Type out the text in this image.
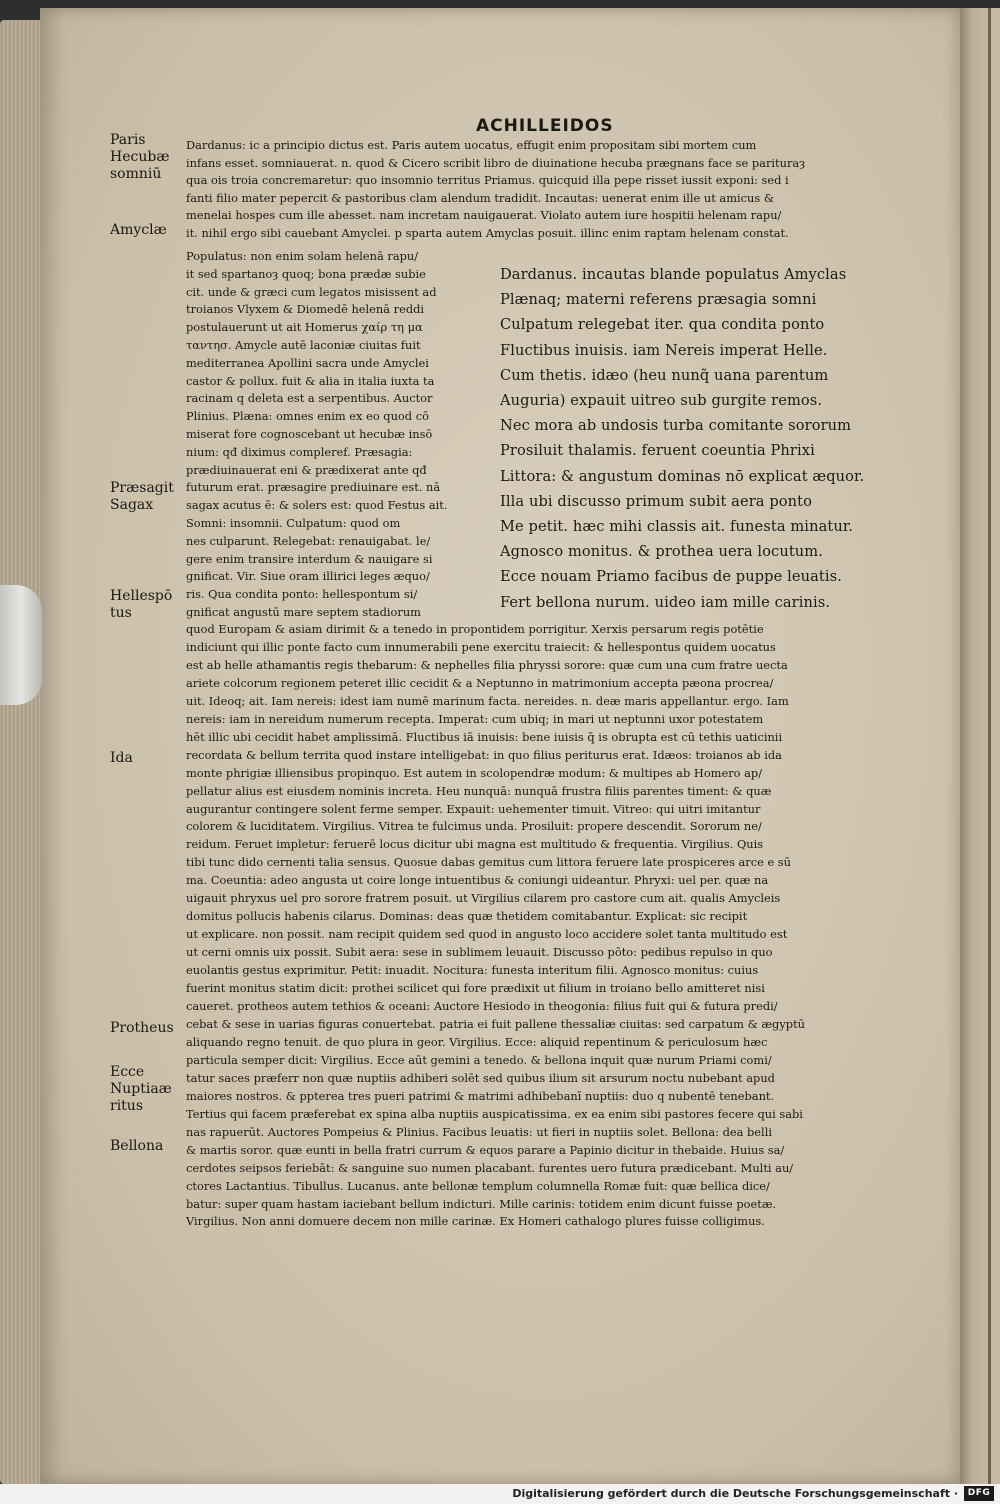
ACHILLEIDOS
Paris
Hecubæ
somniū
Amyclæ
Præsagit
Sagax
Hellespō
tus
Ida
Protheus
Ecce
Nuptiaæ
ritus
Bellona
Dardanus: ic a principio dictus est. Paris autem uocatus, effugit enim propositam sibi mortem cum
infans esset. somniauerat. n. quod & Cicero scribit libro de diuinatione hecuba prægnans face se parituraȝ
qua ois troia concremaretur: quo insomnio territus Priamus. quicquid illa pepe risset iussit exponi: sed i
fanti filio mater pepercit & pastoribus clam alendum tradidit. Incautas: uenerat enim ille ut amicus &
menelai hospes cum ille abesset. nam incretam nauigauerat. Violato autem iure hospitii helenam rapu/
it. nihil ergo sibi cauebant Amyclei. p sparta autem Amyclas posuit. illinc enim raptam helenam constat.
Populatus: non enim solam helenā rapu/
it sed spartanoȝ quoq; bona prædæ subie
cit. unde & græci cum legatos misissent ad
troianos Vlyxem & Diomedē helenā reddi
postulauerunt ut ait Homerus χαίρ τη μα
ταντησ. Amycle autē laconiæ ciuitas fuit
mediterranea Apollini sacra unde Amyclei
castor & pollux. fuit & alia in italia iuxta ta
racinam q deleta est a serpentibus. Auctor
Plinius. Plæna: omnes enim ex eo quod cō
miserat fore cognoscebant ut hecubæ insō
nium: qđ diximus compleref. Præsagia:
prædiuinauerat eni & prædixerat ante qđ
futurum erat. præsagire prediuinare est. nā
sagax acutus ē: & solers est: quod Festus ait.
Somni: insomnii. Culpatum: quod om
nes culparunt. Relegebat: renauigabat. le/
gere enim transire interdum & nauigare si
gnificat. Vir. Siue oram illirici leges æquo/
ris. Qua condita ponto: hellespontum si/
gnificat angustū mare septem stadiorum
Dardanus. incautas blande populatus Amyclas
Plænaq; materni referens præsagia somni
Culpatum relegebat iter. qua condita ponto
Fluctibus inuisis. iam Nereis imperat Helle.
Cum thetis. idæo (heu nunq̃ uana parentum
Auguria) expauit uitreo sub gurgite remos.
Nec mora ab undosis turba comitante sororum
Prosiluit thalamis. feruent coeuntia Phrixi
Littora: & angustum dominas nō explicat æquor.
Illa ubi discusso primum subit aera ponto
Me petit. hæc mihi classis ait. funesta minatur.
Agnosco monitus. & prothea uera locutum.
Ecce nouam Priamo facibus de puppe leuatis.
Fert bellona nurum. uideo iam mille carinis.
quod Europam & asiam dirimit & a tenedo in propontidem porrigitur. Xerxis persarum regis potētie
indiciunt qui illic ponte facto cum innumerabili pene exercitu traiecit: & hellespontus quidem uocatus
est ab helle athamantis regis thebarum: & nephelles filia phryssi sorore: quæ cum una cum fratre uecta
ariete colcorum regionem peteret illic cecidit & a Neptunno in matrimonium accepta pæona procrea/
uit. Ideoq; ait. Iam nereis: idest iam numē marinum facta. nereides. n. deæ maris appellantur. ergo. Iam
nereis: iam in nereidum numerum recepta. Imperat: cum ubiq; in mari ut neptunni uxor potestatem
hēt illic ubi cecidit habet amplissimā. Fluctibus iā inuisis: bene iuisis q̃ is obrupta est cū tethis uaticinii
recordata & bellum territa quod instare intelligebat: in quo filius periturus erat. Idæos: troianos ab ida
monte phrigiæ illiensibus propinquo. Est autem in scolopendræ modum: & multipes ab Homero ap/
pellatur alius est eiusdem nominis increta. Heu nunquā: nunquā frustra filiis parentes timent: & quæ
augurantur contingere solent ferme semper. Expauit: uehementer timuit. Vitreo: qui uitri imitantur
colorem & luciditatem. Virgilius. Vitrea te fulcimus unda. Prosiluit: propere descendit. Sororum ne/
reidum. Feruet impletur: feruerē locus dicitur ubi magna est multitudo & frequentia. Virgilius. Quis
tibi tunc dido cernenti talia sensus. Quosue dabas gemitus cum littora feruere late prospiceres arce e sū
ma. Coeuntia: adeo angusta ut coire longe intuentibus & coniungi uideantur. Phryxi: uel per. quæ na
uigauit phryxus uel pro sorore fratrem posuit. ut Virgilius cilarem pro castore cum ait. qualis Amycleis
domitus pollucis habenis cilarus. Dominas: deas quæ thetidem comitabantur. Explicat: sic recipit
ut explicare. non possit. nam recipit quidem sed quod in angusto loco accidere solet tanta multitudo est
ut cerni omnis uix possit. Subit aera: sese in sublimem leuauit. Discusso pōto: pedibus repulso in quo
euolantis gestus exprimitur. Petit: inuadit. Nocitura: funesta interitum filii. Agnosco monitus: cuius
fuerint monitus statim dicit: prothei scilicet qui fore prædixit ut filium in troiano bello amitteret nisi
caueret. protheos autem tethios & oceani: Auctore Hesiodo in theogonia: filius fuit qui & futura predi/
cebat & sese in uarias figuras conuertebat. patria ei fuit pallene thessaliæ ciuitas: sed carpatum & ægyptū
aliquando regno tenuit. de quo plura in geor. Virgilius. Ecce: aliquid repentinum & periculosum hæc
particula semper dicit: Virgilius. Ecce aūt gemini a tenedo. & bellona inquit quæ nurum Priami comi/
tatur saces præferr non quæ nuptiis adhiberi solēt sed quibus ilium sit arsurum noctu nubebant apud
maiores nostros. & pptereа tres pueri patrimi & matrimi adhibebanī nuptiis: duo q nubentē tenebant.
Tertius qui facem præferebat ex spina alba nuptiis auspicatissima. ex ea enim sibi pastores fecere qui sabi
nas rapuerūt. Auctores Pompeius & Plinius. Facibus leuatis: ut fieri in nuptiis solet. Bellona: dea belli
& martis soror. quæ eunti in bella fratri currum & equos parare a Papinio dicitur in thebaide. Huius sa/
cerdotes seipsos feriebāt: & sanguine suo numen placabant. furentes uero futura prædicebant. Multi au/
ctores Lactantius. Tibullus. Lucanus. ante bellonæ templum columnella Romæ fuit: quæ bellica dice/
batur: super quam hastam iaciebant bellum indicturi. Mille carinis: totidem enim dicunt fuisse poetæ.
Virgilius. Non anni domuere decem non mille carinæ. Ex Homeri cathalogo plures fuisse colligimus.
Digitalisierung gefördert durch die Deutsche Forschungsgemeinschaft ·	DFG
